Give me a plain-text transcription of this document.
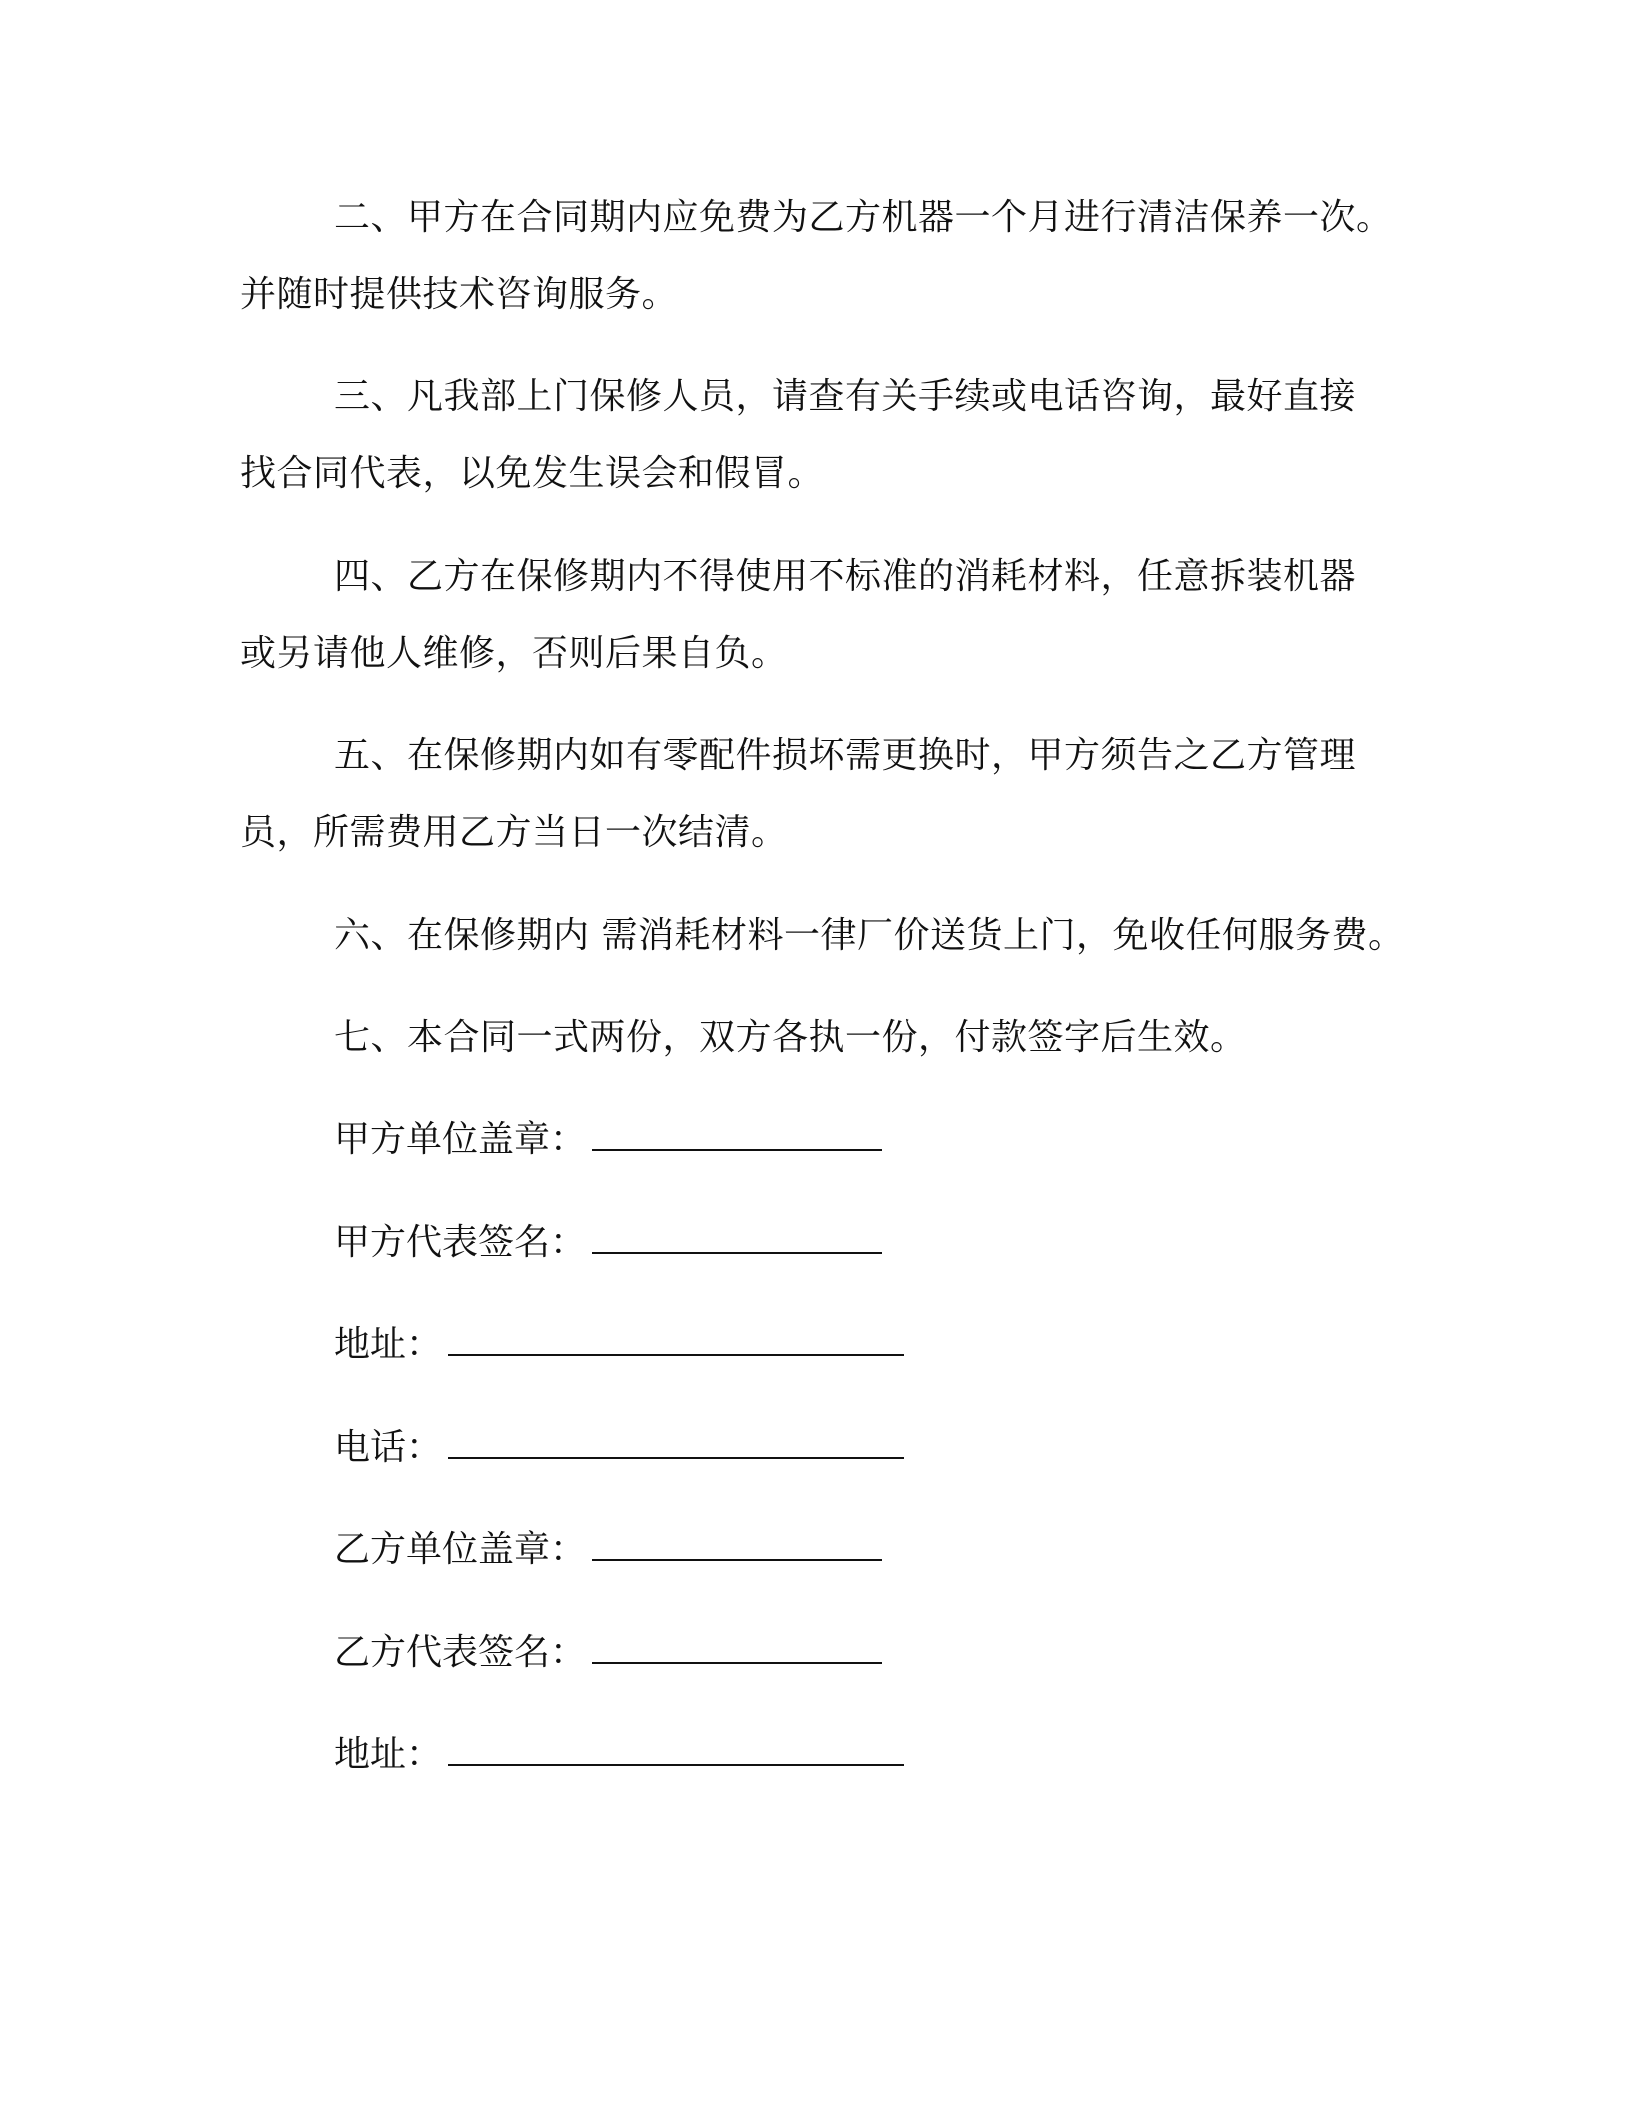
二、甲方在合同期内应免费为乙方机器一个月进行清洁保养一次。
并随时提供技术咨询服务。
三、凡我部上门保修人员，请查有关手续或电话咨询，最好直接
找合同代表，以免发生误会和假冒。
四、乙方在保修期内不得使用不标准的消耗材料，任意拆装机器
或另请他人维修，否则后果自负。
五、在保修期内如有零配件损坏需更换时，甲方须告之乙方管理
员，所需费用乙方当日一次结清。
六、在保修期内 需消耗材料一律厂价送货上门，免收任何服务费。
七、本合同一式两份，双方各执一份，付款签字后生效。
甲方单位盖章：
甲方代表签名：
地址：
电话：
乙方单位盖章：
乙方代表签名：
地址：
